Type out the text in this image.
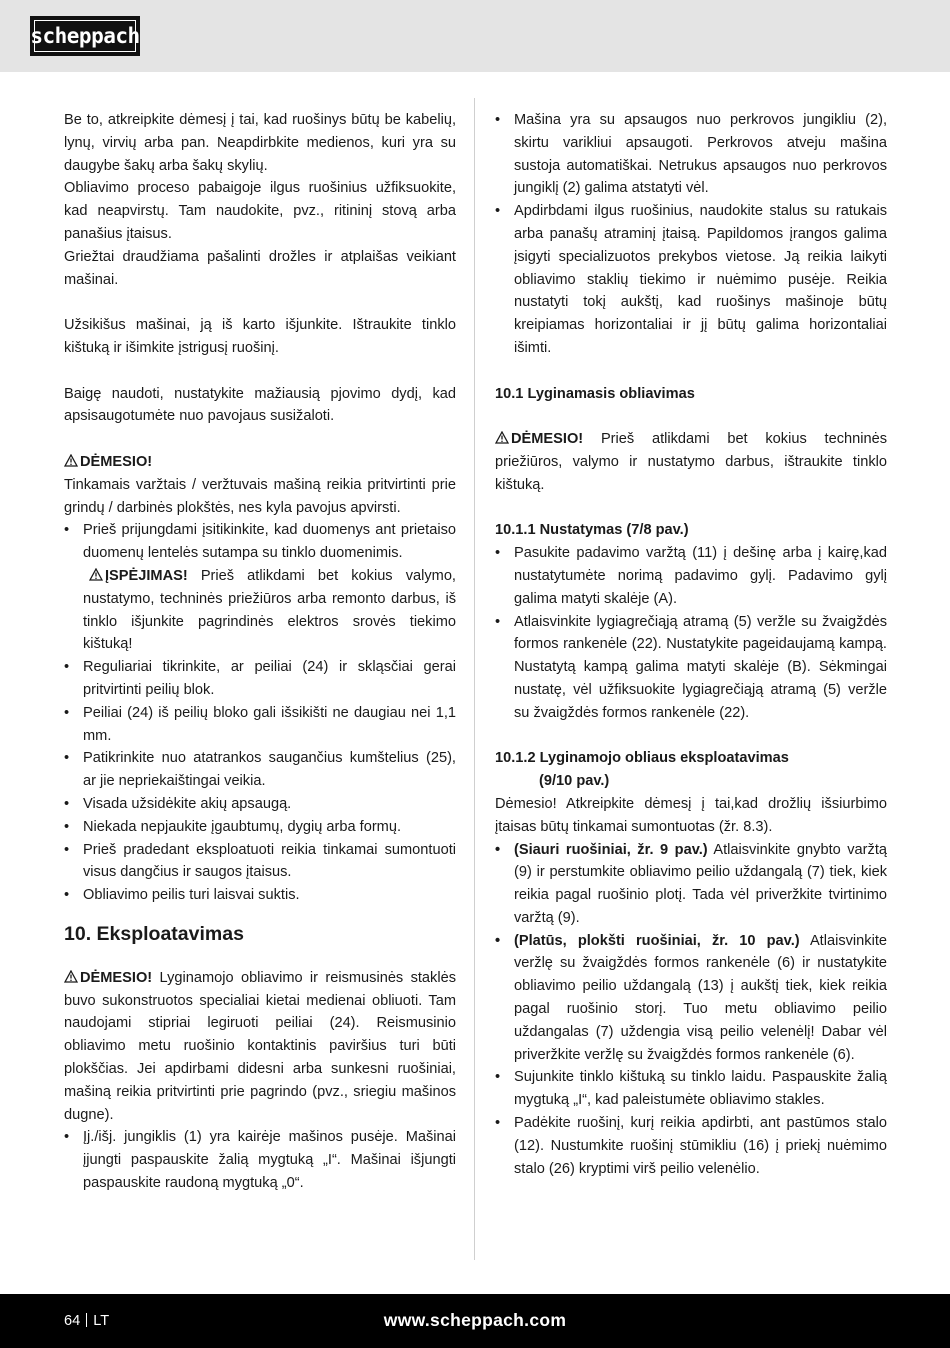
scheppach

Be to, atkreipkite dėmesį į tai, kad ruošinys būtų be kabelių, lynų, virvių arba pan. Neapdirbkite medienos, kuri yra su daugybe šakų arba šakų skylių.

Obliavimo proceso pabaigoje ilgus ruošinius užfiksuokite, kad neapvirstų. Tam naudokite, pvz., ritininį stovą arba panašius įtaisus.

Griežtai draudžiama pašalinti drožles ir atplaišas veikiant mašinai.

Užsikišus mašinai, ją iš karto išjunkite. Ištraukite tinklo kištuką ir išimkite įstrigusį ruošinį.

Baigę naudoti, nustatykite mažiausią pjovimo dydį, kad apsisaugotumėte nuo pavojaus susižaloti.

DĖMESIO!

Tinkamais varžtais / veržtuvais mašiną reikia pritvirtinti prie grindų / darbinės plokštės, nes kyla pavojus apvirsti.

• Prieš prijungdami įsitikinkite, kad duomenys ant prietaiso duomenų lentelės sutampa su tinklo duomenimis.
ĮSPĖJIMAS! Prieš atlikdami bet kokius valymo, nustatymo, techninės priežiūros arba remonto darbus, iš tinklo išjunkite pagrindinės elektros srovės tiekimo kištuką!
• Reguliariai tikrinkite, ar peiliai (24) ir skląsčiai gerai pritvirtinti peilių blok.
• Peiliai (24) iš peilių bloko gali išsikišti ne daugiau nei 1,1 mm.
• Patikrinkite nuo atatrankos saugančius kumštelius (25), ar jie nepriekaištingai veikia.
• Visada užsidėkite akių apsaugą.
• Niekada nepjaukite įgaubtumų, dygių arba formų.
• Prieš pradedant eksploatuoti reikia tinkamai sumontuoti visus dangčius ir saugos įtaisus.
• Obliavimo peilis turi laisvai suktis.
10. Eksploatavimas

DĖMESIO! Lyginamojo obliavimo ir reismusinės staklės buvo sukonstruotos specialiai kietai medienai obliuoti. Tam naudojami stipriai legiruoti peiliai (24). Reismusinio obliavimo metu ruošinio kontaktinis paviršius turi būti plokščias. Jei apdirbami didesni arba sunkesni ruošiniai, mašiną reikia pritvirtinti prie pagrindo (pvz., sriegiu mašinos dugne).

• Įj./išj. jungiklis (1) yra kairėje mašinos pusėje. Mašinai įjungti paspauskite žalią mygtuką „I“. Mašinai išjungti paspauskite raudoną mygtuką „0“.
• Mašina yra su apsaugos nuo perkrovos jungikliu (2), skirtu varikliui apsaugoti. Perkrovos atveju mašina sustoja automatiškai. Netrukus apsaugos nuo perkrovos jungiklį (2) galima atstatyti vėl.
• Apdirbdami ilgus ruošinius, naudokite stalus su ratukais arba panašų atraminį įtaisą. Papildomos įrangos galima įsigyti specializuotos prekybos vietose. Ją reikia laikyti obliavimo staklių tiekimo ir nuėmimo pusėje. Reikia nustatyti tokį aukštį, kad ruošinys mašinoje būtų kreipiamas horizontaliai ir jį būtų galima horizontaliai išimti.

10.1 Lyginamasis obliavimas

DĖMESIO! Prieš atlikdami bet kokius techninės priežiūros, valymo ir nustatymo darbus, ištraukite tinklo kištuką.

10.1.1 Nustatymas (7/8 pav.)

• Pasukite padavimo varžtą (11) į dešinę arba į kairę,kad nustatytumėte norimą padavimo gylį. Padavimo gylį galima matyti skalėje (A).
• Atlaisvinkite lygiagrečiąją atramą (5) veržle su žvaigždės formos rankenėle (22). Nustatykite pageidaujamą kampą. Nustatytą kampą galima matyti skalėje (B). Sėkmingai nustatę, vėl užfiksuokite lygiagrečiąją atramą (5) veržle su žvaigždės formos rankenėle (22).

10.1.2 Lyginamojo obliaus eksploatavimas

(9/10 pav.)

Dėmesio! Atkreipkite dėmesį į tai,kad drožlių išsiurbimo įtaisas būtų tinkamai sumontuotas (žr. 8.3).

• (Siauri ruošiniai, žr. 9 pav.) Atlaisvinkite gnybto varžtą (9) ir perstumkite obliavimo peilio uždangalą (7) tiek, kiek reikia pagal ruošinio plotį. Tada vėl priveržkite tvirtinimo varžtą (9).
• (Platūs, plokšti ruošiniai, žr. 10 pav.) Atlaisvinkite veržlę su žvaigždės formos rankenėle (6) ir nustatykite obliavimo peilio uždangalą (13) į aukštį tiek, kiek reikia pagal ruošinio storį. Tuo metu obliavimo peilio uždangalas (7) uždengia visą peilio velenėlį! Dabar vėl priveržkite veržlę su žvaigždės formos rankenėle (6).
• Sujunkite tinklo kištuką su tinklo laidu. Paspauskite žalią mygtuką „I“, kad paleistumėte obliavimo stakles.
• Padėkite ruošinį, kurį reikia apdirbti, ant pastūmos stalo (12). Nustumkite ruošinį stūmikliu (16) į priekį nuėmimo stalo (26) kryptimi virš peilio velenėlio.
64 LT	www.scheppach.com
